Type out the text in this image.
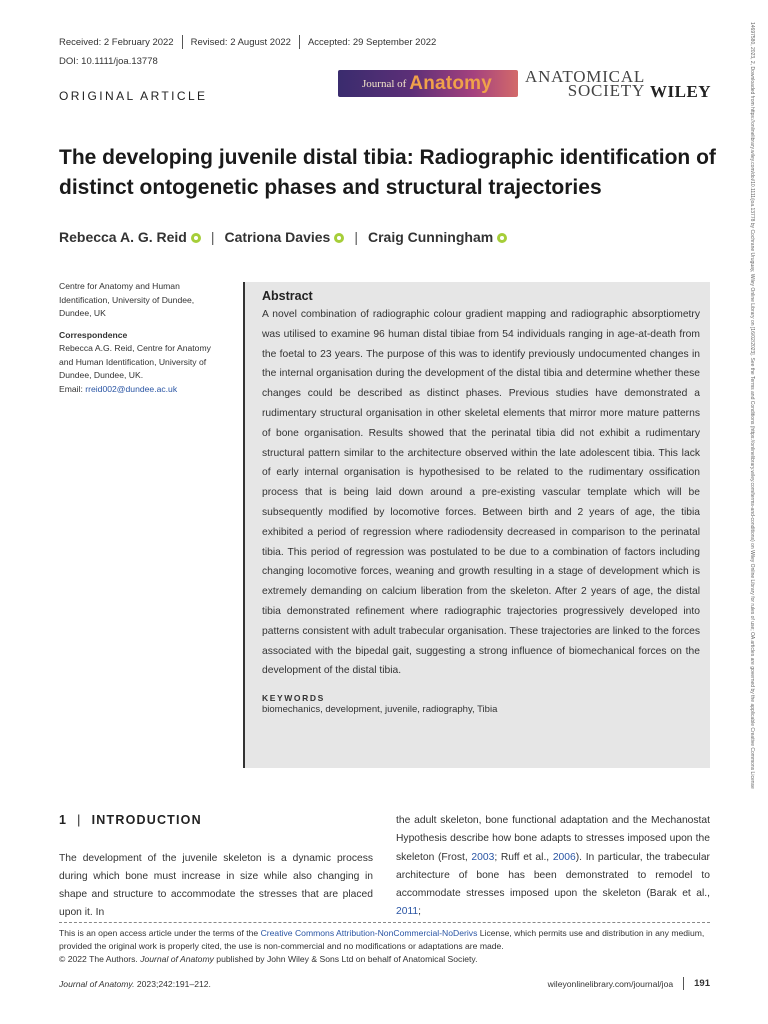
Received: 2 February 2022 Revised: 2 August 2022 Accepted: 29 September 2022
DOI: 10.1111/joa.13778
ORIGINAL ARTICLE
Journal of Anatomy ANATOMICAL
SOCIETY WILEY
The developing juvenile distal tibia: Radiographic identification of distinct ontogenetic phases and structural trajectories
Rebecca A. G. Reid | Catriona Davies | Craig Cunningham
Centre for Anatomy and Human Identification, University of Dundee, Dundee, UK
Correspondence
Rebecca A.G. Reid, Centre for Anatomy and Human Identification, University of Dundee, Dundee, UK.
Email: rreid002@dundee.ac.uk
Abstract

A novel combination of radiographic colour gradient mapping and radiographic absorptiometry was utilised to examine 96 human distal tibiae from 54 individuals ranging in age-at-death from the foetal to 23 years. The purpose of this was to identify previously undocumented changes in the internal organisation during the development of the distal tibia and determine whether these changes could be described as distinct phases. Previous studies have demonstrated a rudimentary structural organisation in other skeletal elements that mirror more mature patterns of bone organisation. Results showed that the perinatal tibia did not exhibit a rudimentary structural pattern similar to the architecture observed within the late adolescent tibia. This lack of early internal organisation is hypothesised to be related to the rudimentary ossification process that is being laid down around a pre-existing vascular template which will be subsequently modified by locomotive forces. Between birth and 2 years of age, the tibia exhibited a period of regression where radiodensity decreased in comparison to the perinatal tibia. This period of regression was postulated to be due to a combination of factors including changing locomotive forces, weaning and growth resulting in a stage of development which is extremely demanding on calcium liberation from the skeleton. After 2 years of age, the distal tibia demonstrated refinement where radiographic trajectories progressively developed into patterns consistent with adult trabecular organisation. These trajectories are linked to the forces associated with the bipedal gait, suggesting a strong influence of biomechanical forces on the development of the distal tibia.

KEYWORDS
biomechanics, development, juvenile, radiography, Tibia
1 | INTRODUCTION

The development of the juvenile skeleton is a dynamic process during which bone must increase in size while also changing in shape and structure to accommodate the stresses that are placed upon it. In

the adult skeleton, bone functional adaptation and the Mechanostat Hypothesis describe how bone adapts to stresses imposed upon the skeleton (Frost, 2003; Ruff et al., 2006). In particular, the trabecular architecture of bone has been demonstrated to remodel to accommodate stresses imposed upon the skeleton (Barak et al., 2011;

This is an open access article under the terms of the Creative Commons Attribution-NonCommercial-NoDerivs License, which permits use and distribution in any medium, provided the original work is properly cited, the use is non-commercial and no modifications or adaptations are made.
© 2022 The Authors. Journal of Anatomy published by John Wiley & Sons Ltd on behalf of Anatomical Society.
Journal of Anatomy. 2023;242:191–212.	wileyonlinelibrary.com/journal/joa 191
14697580, 2023, 2, Downloaded from https://onlinelibrary.wiley.com/doi/10.1111/joa.13778 by Cochrane Uruguay, Wiley Online Library on [16/02/2023]. See the Terms and Conditions (https://onlinelibrary.wiley.com/terms-and-conditions) on Wiley Online Library for rules of use; OA articles are governed by the applicable Creative Commons License
